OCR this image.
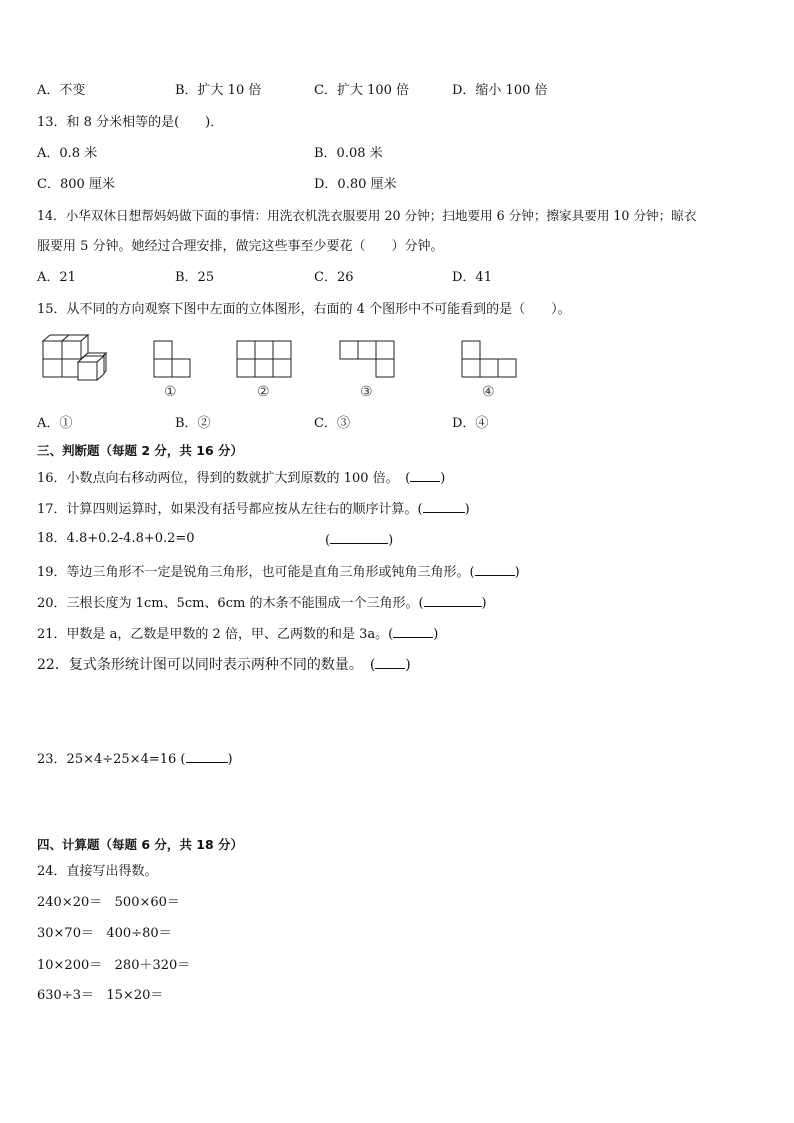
A．不变	B．扩大 10 倍	C．扩大 100 倍	D．缩小 100 倍
13．和 8 分米相等的是(　　)．
A．0.8 米	B．0.08 米
C．800 厘米	D．0.80 厘米
14．小华双休日想帮妈妈做下面的事情：用洗衣机洗衣服要用 20 分钟；扫地要用 6 分钟；擦家具要用 10 分钟；晾衣
服要用 5 分钟。她经过合理安排，做完这些事至少要花（　　）分钟。
A．21	B．25	C．26	D．41
15．从不同的方向观察下图中左面的立体图形，右面的 4 个图形中不可能看到的是（　　）。
①	②	③	④
A．①	B．②	C．③	D．④
三、判断题（每题 2 分，共 16 分）
16．小数点向右移动两位，得到的数就扩大到原数的 100 倍。　( )
17．计算四则运算时，如果没有括号都应按从左往右的顺序计算。(	)
18．4.8+0.2-4.8+0.2=0	(	)
19．等边三角形不一定是锐角三角形，也可能是直角三角形或钝角三角形。(	)
20．三根长度为 1cm、5cm、6cm 的木条不能围成一个三角形。(	)
21．甲数是 a，乙数是甲数的 2 倍，甲、乙两数的和是 3a。(	)
22．复式条形统计图可以同时表示两种不同的数量。　( )
23．25×4÷25×4=16 (	)
四、计算题（每题 6 分，共 18 分）
24．直接写出得数。
240×20＝ 500×60＝
30×70＝ 400÷80＝
10×200＝ 280＋320＝
630÷3＝ 15×20＝
